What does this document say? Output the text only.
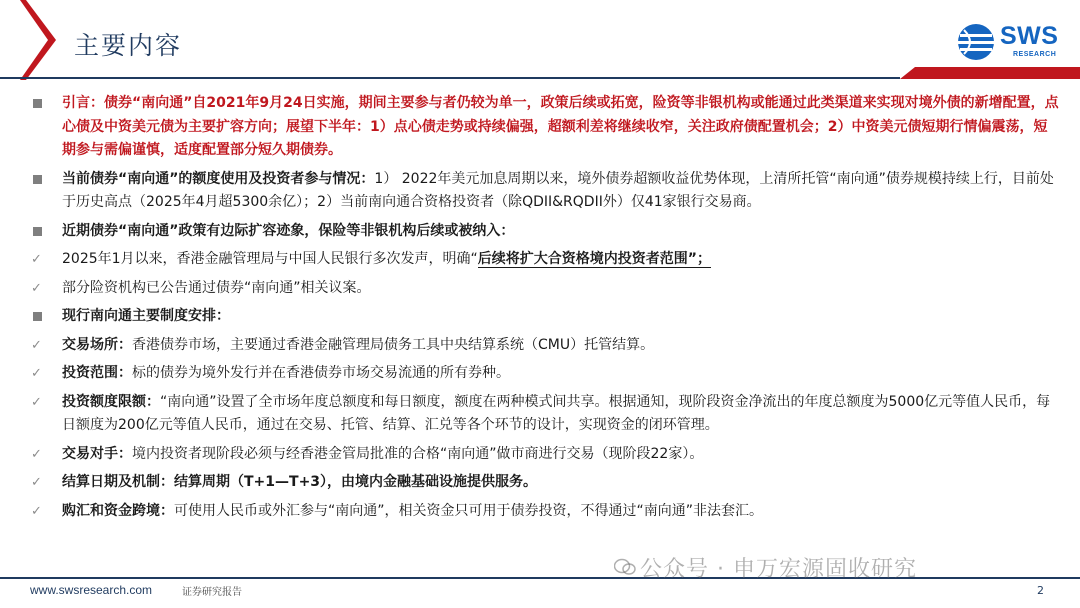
主要内容	SWS
RESEARCH
引言：债券“南向通”自2021年9月24日实施，期间主要参与者仍较为单一，政策后续或拓宽，险资等非银机构或能通过此类渠道来实现对境外债的新增配置，点心债及中资美元债为主要扩容方向；展望下半年：1）点心债走势或持续偏强，超额利差将继续收窄，关注政府债配置机会；2）中资美元债短期行情偏震荡，短期参与需偏谨慎，适度配置部分短久期债券。
当前债券“南向通”的额度使用及投资者参与情况：1） 2022年美元加息周期以来，境外债券超额收益优势体现，上清所托管“南向通”债券规模持续上行，目前处于历史高点（2025年4月超5300余亿）；2）当前南向通合资格投资者（除QDII&RQDII外）仅41家银行交易商。
近期债券“南向通”政策有边际扩容迹象，保险等非银机构后续或被纳入：
✓ 2025年1月以来，香港金融管理局与中国人民银行多次发声，明确“后续将扩大合资格境内投资者范围”；
✓ 部分险资机构已公告通过债券“南向通”相关议案。
现行南向通主要制度安排：
✓ 交易场所：香港债券市场，主要通过香港金融管理局债务工具中央结算系统（CMU）托管结算。
✓ 投资范围：标的债券为境外发行并在香港债券市场交易流通的所有券种。
✓ 投资额度限额：“南向通”设置了全市场年度总额度和每日额度，额度在两种模式间共享。根据通知，现阶段资金净流出的年度总额度为5000亿元等值人民币，每日额度为200亿元等值人民币，通过在交易、托管、结算、汇兑等各个环节的设计，实现资金的闭环管理。
✓ 交易对手：境内投资者现阶段必须与经香港金管局批准的合格“南向通”做市商进行交易（现阶段22家）。
✓ 结算日期及机制：结算周期（T+1—T+3），由境内金融基础设施提供服务。
✓ 购汇和资金跨境：可使用人民币或外汇参与“南向通”，相关资金只可用于债券投资，不得通过“南向通”非法套汇。
www.swsresearch.com	证券研究报告	2
公众号 · 申万宏源固收研究
